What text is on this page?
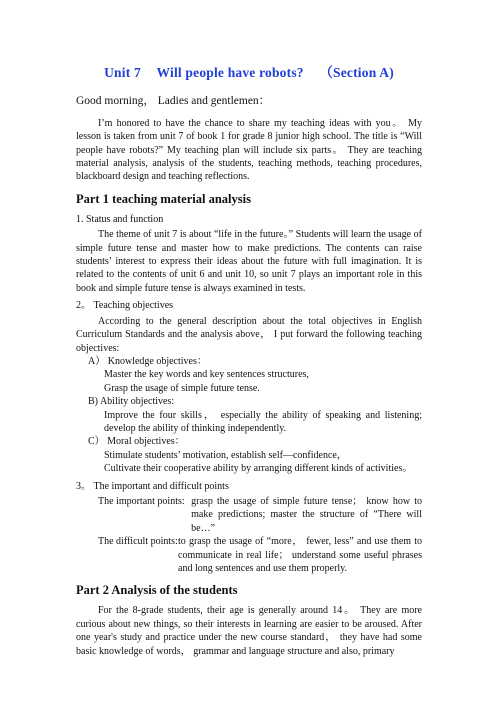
Unit 7 Will people have robots? （Section A)
Good morning， Ladies and gentlemen：

I’m honored to have the chance to share my teaching ideas with you。 My lesson is taken from unit 7 of book 1 for grade 8 junior high school. The title is “Will people have robots?” My teaching plan will include six parts。 They are teaching material analysis, analysis of the students, teaching methods, teaching procedures, blackboard design and teaching reflections.

Part 1 teaching material analysis

1. Status and function

The theme of unit 7 is about “life in the future。” Students will learn the usage of simple future tense and master how to make predictions. The contents can raise students’ interest to express their ideas about the future with full imagination. It is related to the contents of unit 6 and unit 10, so unit 7 plays an important role in this book and simple future tense is always examined in tests.

2。 Teaching objectives

According to the general description about the total objectives in English Curriculum Standards and the analysis above， I put forward the following teaching objectives:

A） Knowledge objectives：

Master the key words and key sentences structures,

Grasp the usage of simple future tense.

B) Ability objectives:

Improve the four skills， especially the ability of speaking and listening; develop the ability of thinking independently.

C） Moral objectives：

Stimulate students’ motivation, establish self—confidence，

Cultivate their cooperative ability by arranging different kinds of activities。

3。 The important and difficult points

The important points: grasp the usage of simple future tense； know how to make predictions; master the structure of “There will be…”
The difficult points:
to grasp the usage of “more， fewer, less” and use them to communicate in real life； understand some useful phrases and long sentences and use them properly.
Part 2 Analysis of the students

For the 8-grade students, their age is generally around 14。 They are more curious about new things, so their interests in learning are easier to be aroused. After one year's study and practice under the new course standard， they have had some basic knowledge of words， grammar and language structure and also, primary
